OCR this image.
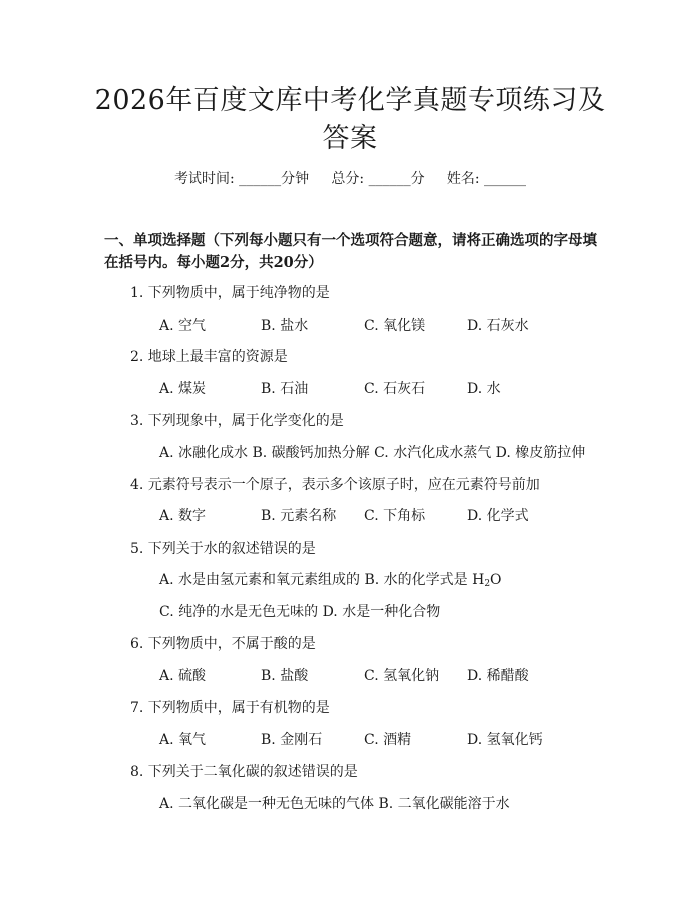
2026年百度文库中考化学真题专项练习及答案
考试时间: ______分钟     总分: ______分     姓名: ______
一、单项选择题（下列每小题只有一个选项符合题意，请将正确选项的字母填在括号内。每小题2分，共20分）
1. 下列物质中，属于纯净物的是
A. 空气	B. 盐水	C. 氧化镁	D. 石灰水
2. 地球上最丰富的资源是
A. 煤炭	B. 石油	C. 石灰石	D. 水
3. 下列现象中，属于化学变化的是
A. 冰融化成水 B. 碳酸钙加热分解 C. 水汽化成水蒸气 D. 橡皮筋拉伸
4. 元素符号表示一个原子，表示多个该原子时，应在元素符号前加
A. 数字	B. 元素名称 C. 下角标	D. 化学式
5. 下列关于水的叙述错误的是
A. 水是由氢元素和氧元素组成的 B. 水的化学式是 $H_2O$
C. 纯净的水是无色无味的 D. 水是一种化合物
6. 下列物质中，不属于酸的是
A. 硫酸	B. 盐酸	C. 氢氧化钠 D. 稀醋酸
7. 下列物质中，属于有机物的是
A. 氧气	B. 金刚石	C. 酒精	D. 氢氧化钙
8. 下列关于二氧化碳的叙述错误的是
A. 二氧化碳是一种无色无味的气体 B. 二氧化碳能溶于水
